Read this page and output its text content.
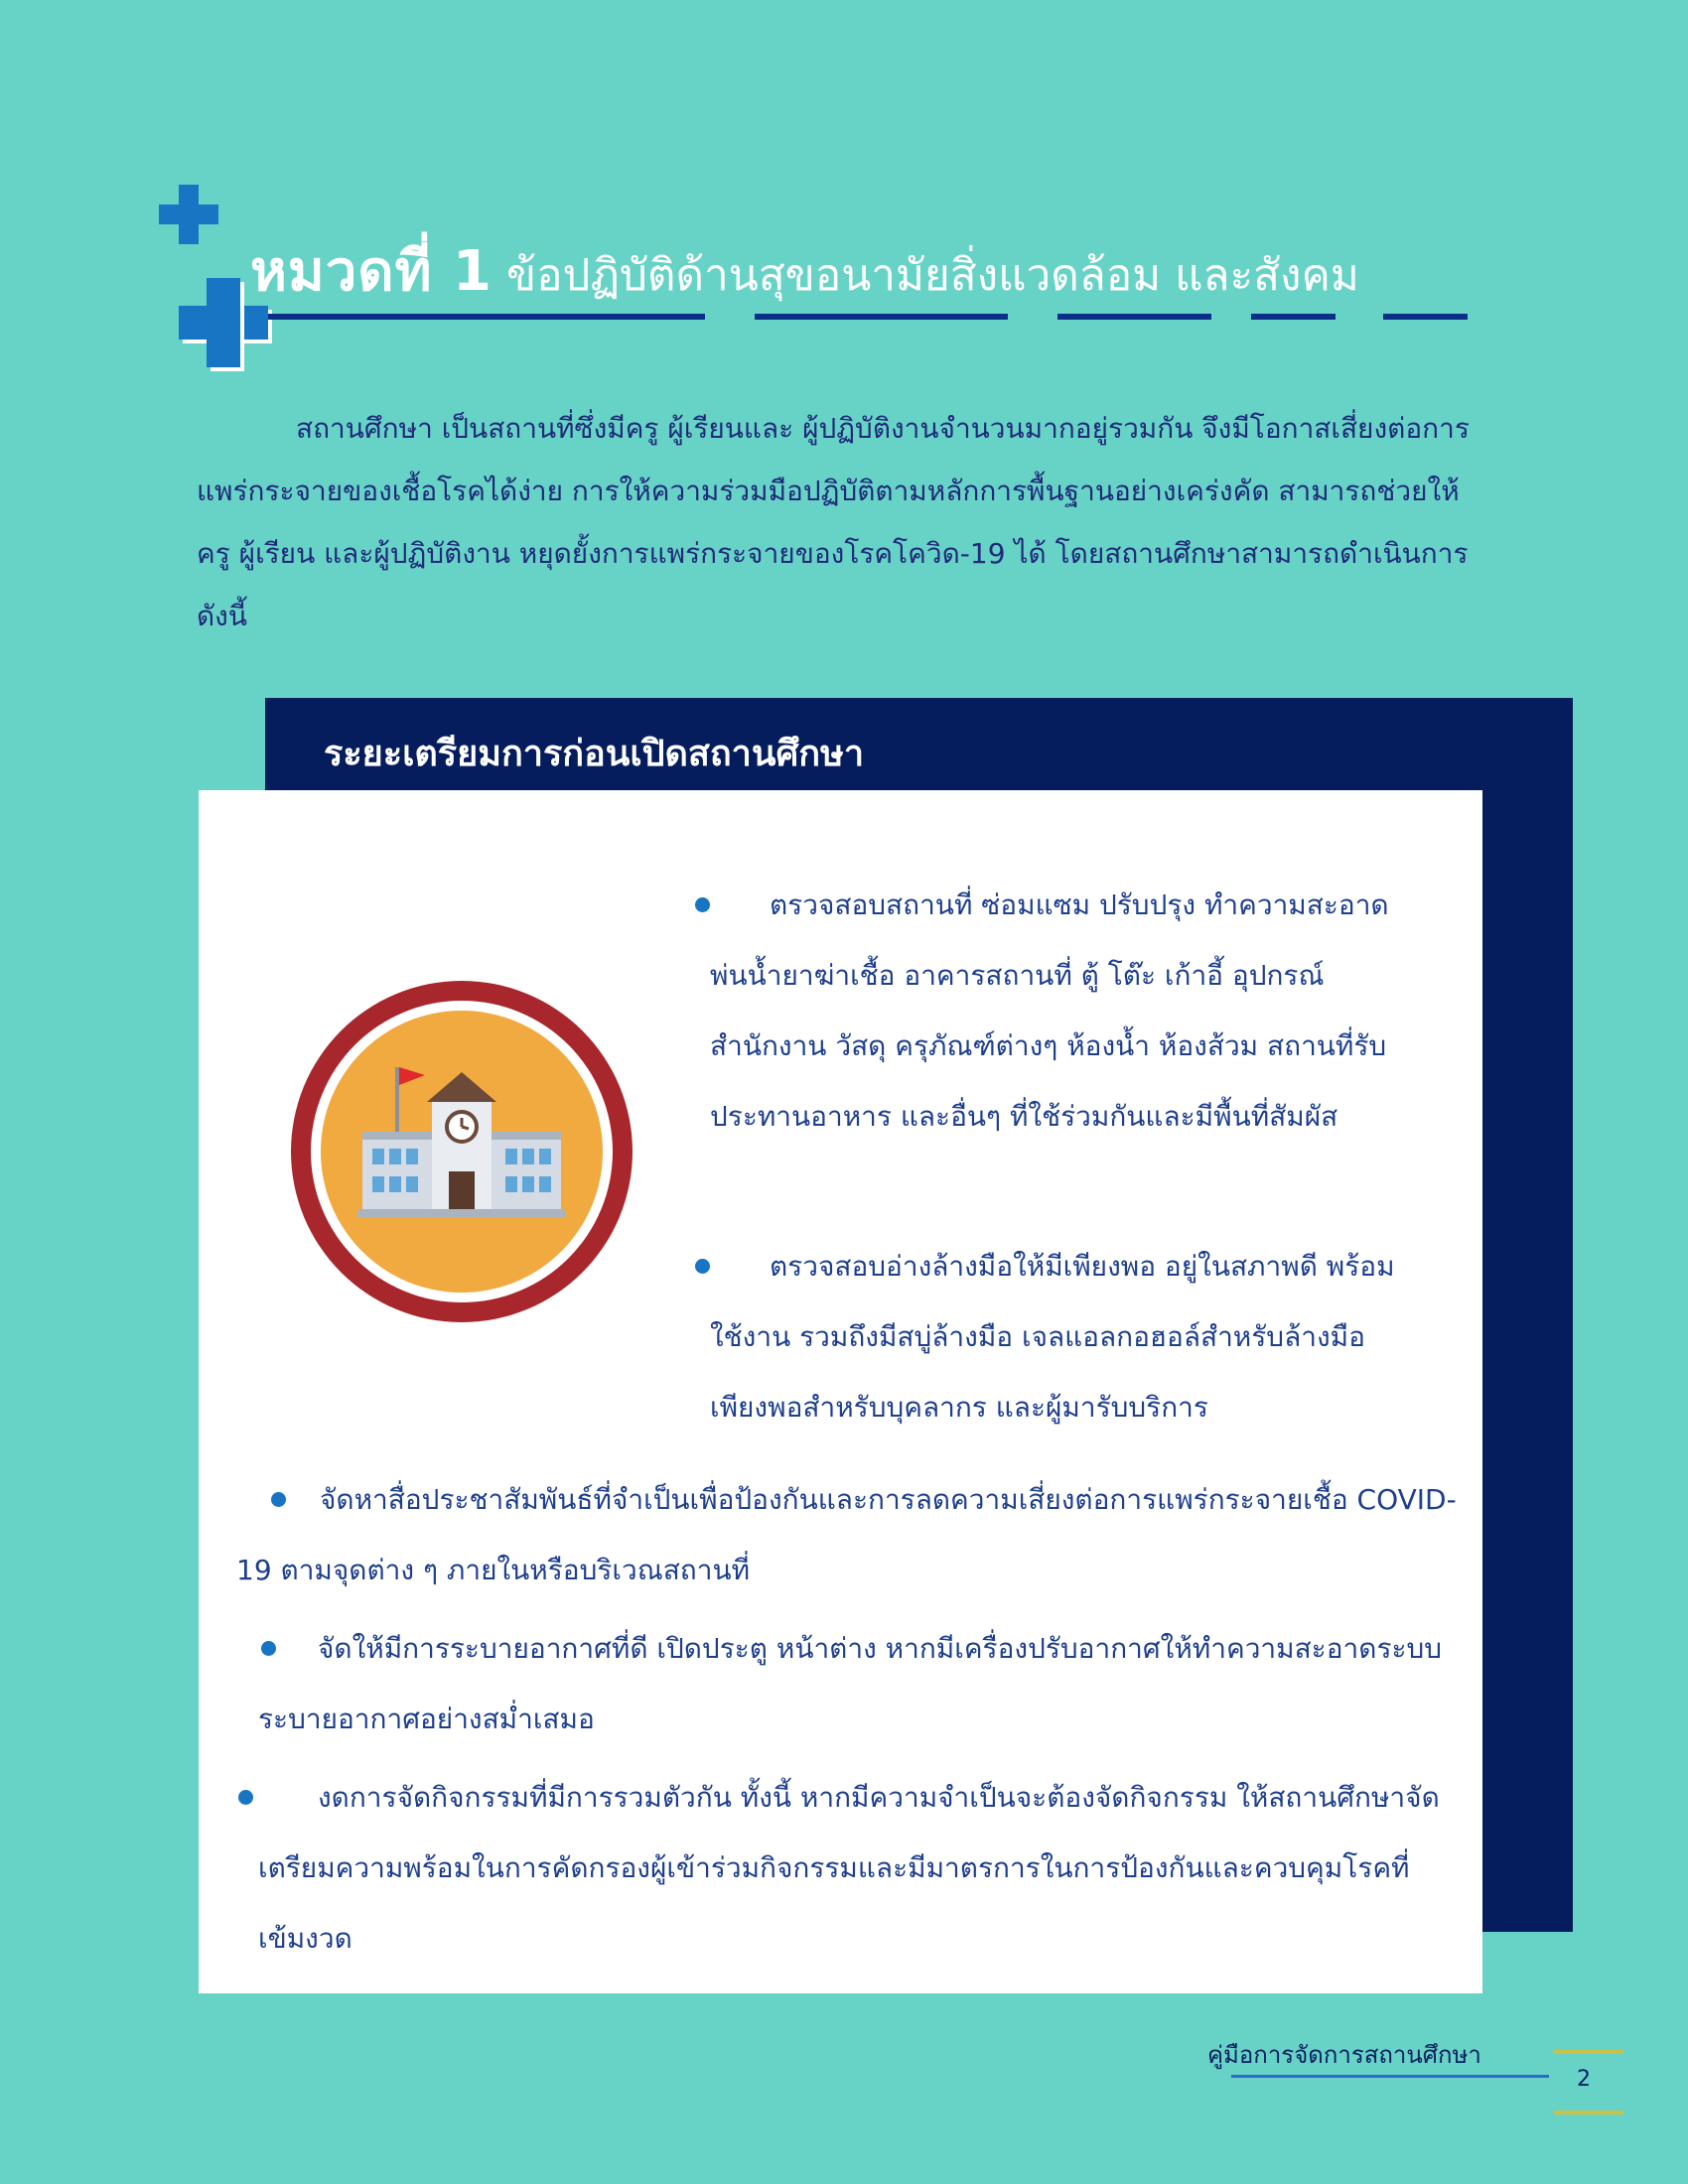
หมวดที่ 1 ข้อปฏิบัติด้านสุขอนามัยสิ่งแวดล้อม และสังคม
สถานศึกษา เป็นสถานที่ซึ่งมีครู ผู้เรียนและ ผู้ปฏิบัติงานจำนวนมากอยู่รวมกัน จึงมีโอกาสเสี่ยงต่อการแพร่กระจายของเชื้อโรคได้ง่าย การให้ความร่วมมือปฏิบัติตามหลักการพื้นฐานอย่างเคร่งคัด สามารถช่วยให้ครู ผู้เรียน และผู้ปฏิบัติงาน หยุดยั้งการแพร่กระจายของโรคโควิด-19 ได้ โดยสถานศึกษาสามารถดำเนินการ ดังนี้
ระยะเตรียมการก่อนเปิดสถานศึกษา
ตรวจสอบสถานที่ ซ่อมแซม ปรับปรุง ทำความสะอาด พ่นน้ำยาฆ่าเชื้อ อาคารสถานที่ ตู้ โต๊ะ เก้าอี้ อุปกรณ์สำนักงาน วัสดุ ครุภัณฑ์ต่างๆ ห้องน้ำ ห้องส้วม สถานที่รับประทานอาหาร และอื่นๆ ที่ใช้ร่วมกันและมีพื้นที่สัมผัส
ตรวจสอบอ่างล้างมือให้มีเพียงพอ อยู่ในสภาพดี พร้อมใช้งาน รวมถึงมีสบู่ล้างมือ เจลแอลกอฮอล์สำหรับล้างมือเพียงพอสำหรับบุคลากร และผู้มารับบริการ
จัดหาสื่อประชาสัมพันธ์ที่จำเป็นเพื่อป้องกันและการลดความเสี่ยงต่อการแพร่กระจายเชื้อ COVID-19 ตามจุดต่าง ๆ ภายในหรือบริเวณสถานที่
จัดให้มีการระบายอากาศที่ดี เปิดประตู หน้าต่าง หากมีเครื่องปรับอากาศให้ทำความสะอาดระบบระบายอากาศอย่างสม่ำเสมอ
งดการจัดกิจกรรมที่มีการรวมตัวกัน ทั้งนี้ หากมีความจำเป็นจะต้องจัดกิจกรรม ให้สถานศึกษาจัดเตรียมความพร้อมในการคัดกรองผู้เข้าร่วมกิจกรรมและมีมาตรการในการป้องกันและควบคุมโรคที่เข้มงวด
คู่มือการจัดการสถานศึกษา
2
